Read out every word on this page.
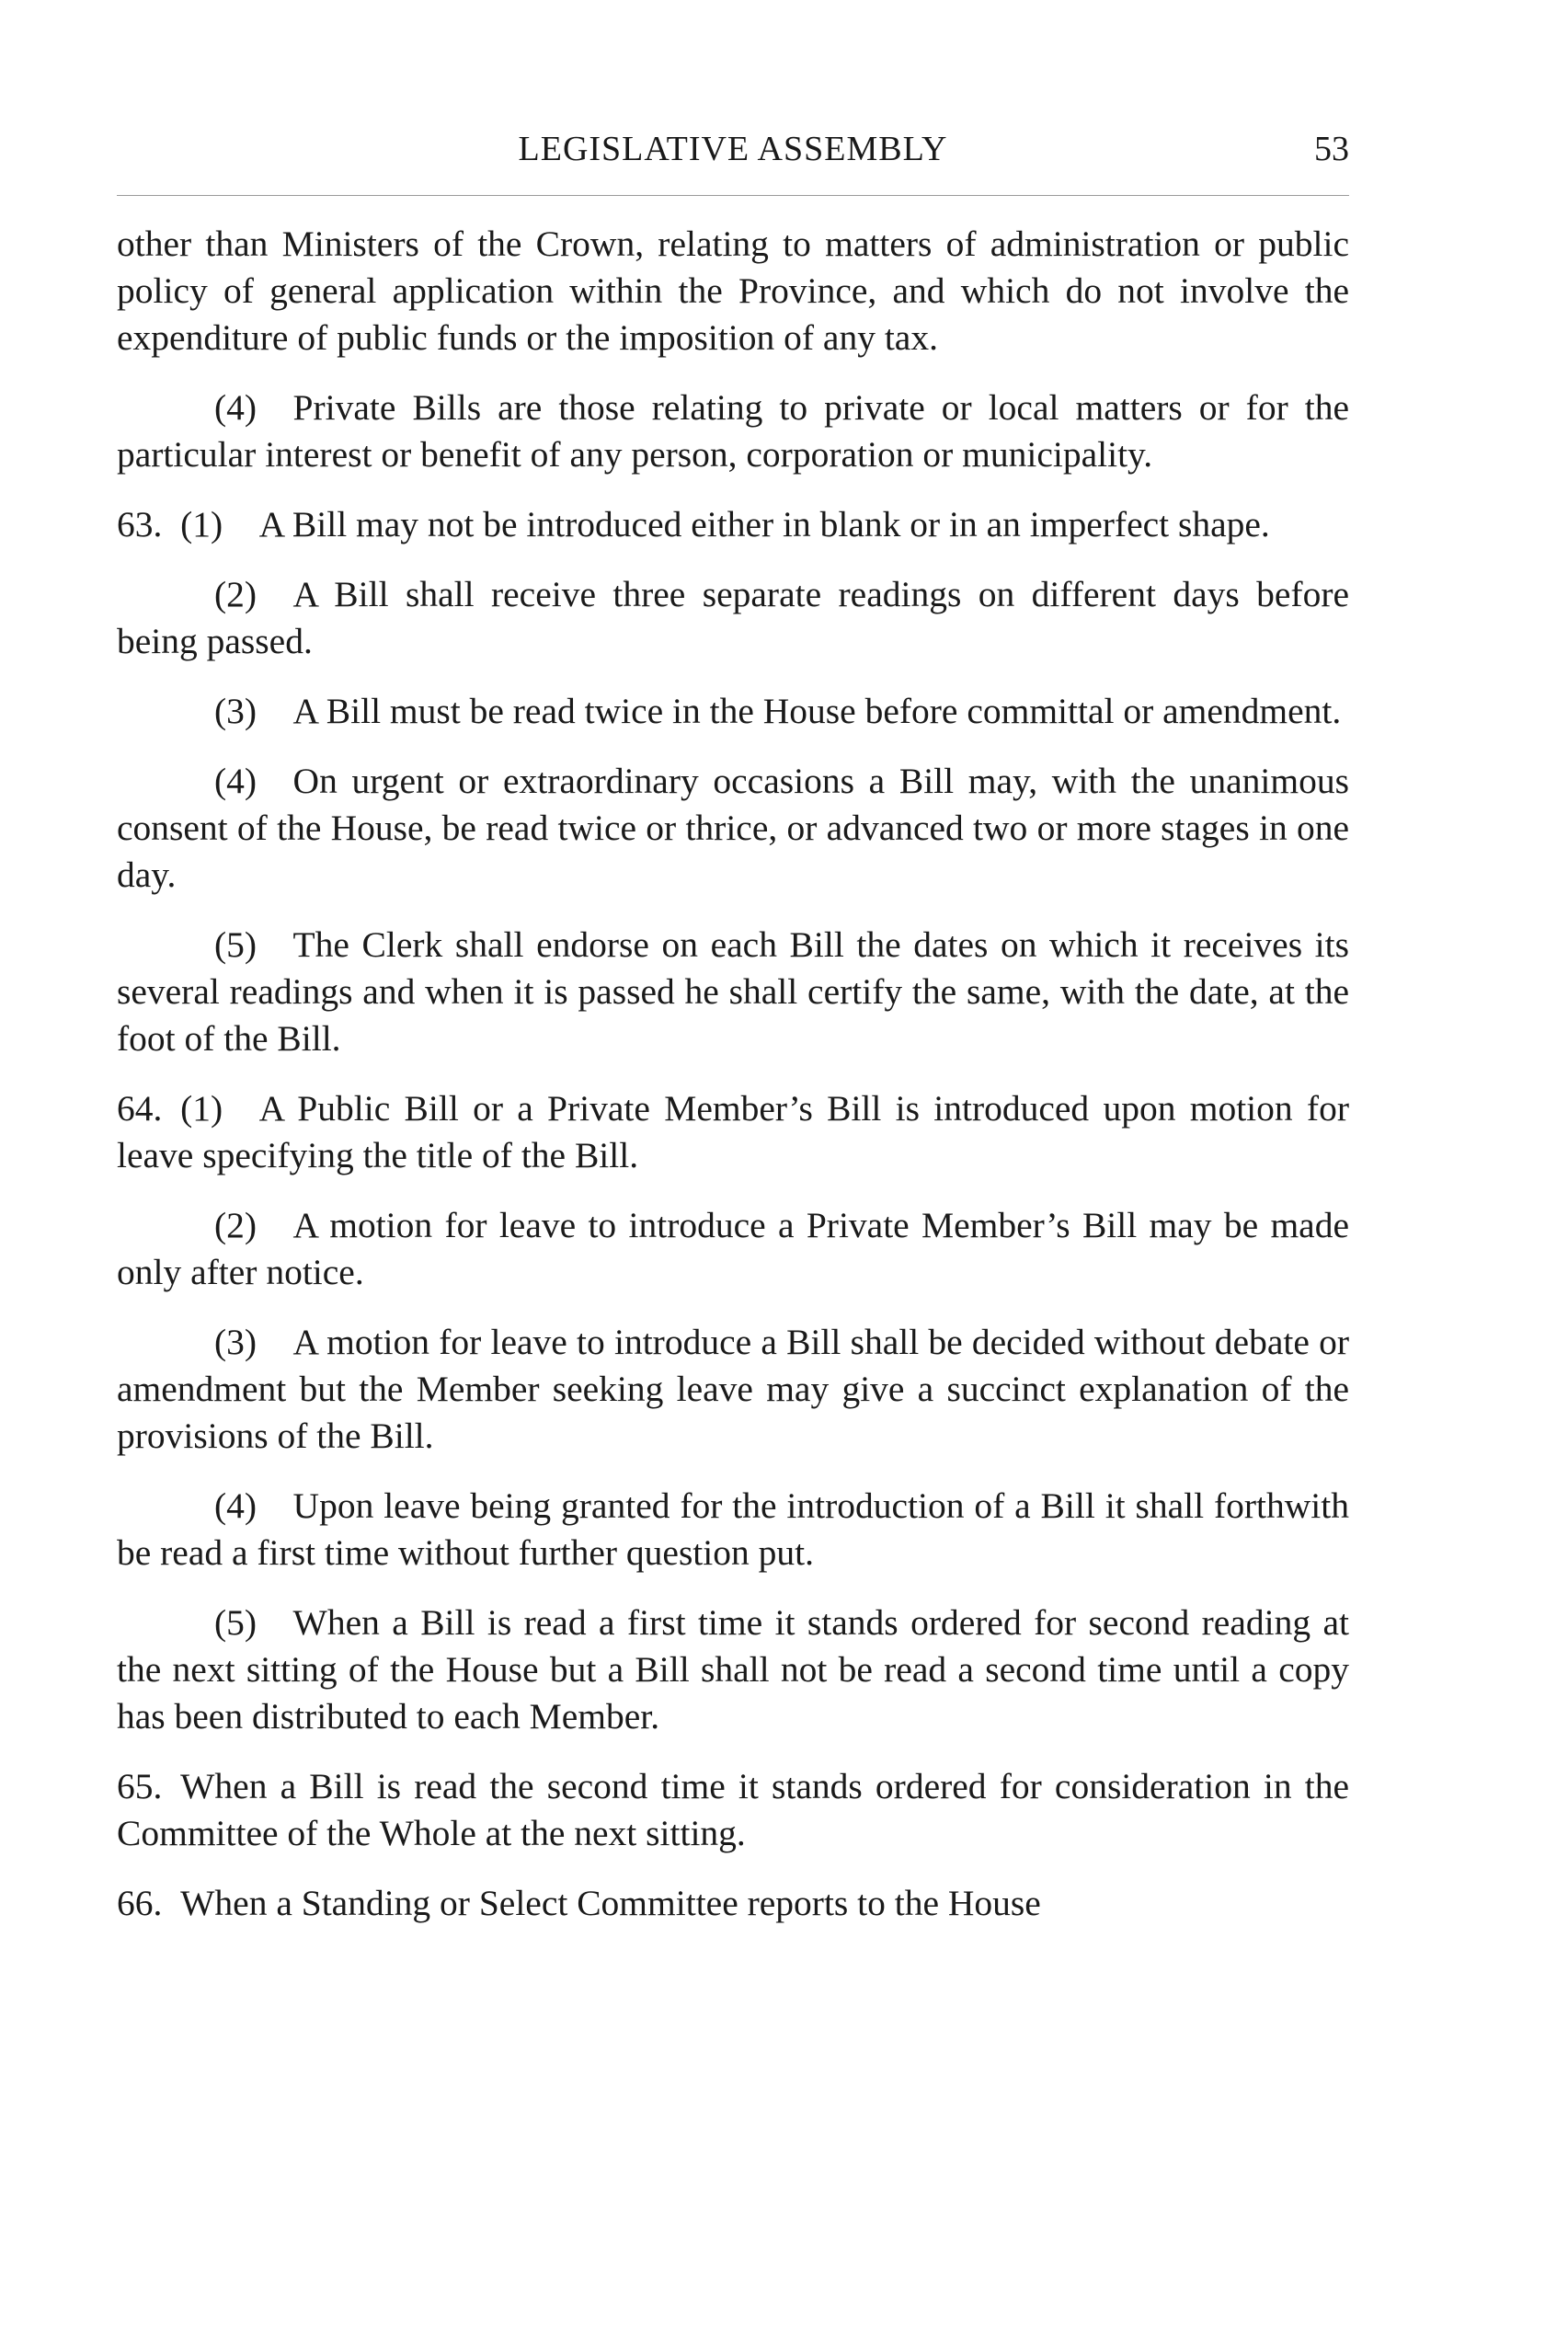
LEGISLATIVE ASSEMBLY	53

other than Ministers of the Crown, relating to matters of administration or public policy of general application within the Province, and which do not involve the expenditure of public funds or the imposition of any tax.

(4) Private Bills are those relating to private or local matters or for the particular interest or benefit of any person, corporation or municipality.

63. (1) A Bill may not be introduced either in blank or in an imperfect shape.

(2) A Bill shall receive three separate readings on different days before being passed.

(3) A Bill must be read twice in the House before committal or amendment.

(4) On urgent or extraordinary occasions a Bill may, with the unanimous consent of the House, be read twice or thrice, or advanced two or more stages in one day.

(5) The Clerk shall endorse on each Bill the dates on which it receives its several readings and when it is passed he shall certify the same, with the date, at the foot of the Bill.

64. (1) A Public Bill or a Private Member’s Bill is introduced upon motion for leave specifying the title of the Bill.

(2) A motion for leave to introduce a Private Member’s Bill may be made only after notice.

(3) A motion for leave to introduce a Bill shall be decided without debate or amendment but the Member seeking leave may give a succinct explanation of the provisions of the Bill.

(4) Upon leave being granted for the introduction of a Bill it shall forthwith be read a first time without further question put.

(5) When a Bill is read a first time it stands ordered for second reading at the next sitting of the House but a Bill shall not be read a second time until a copy has been distributed to each Member.

65. When a Bill is read the second time it stands ordered for consideration in the Committee of the Whole at the next sitting.

66. When a Standing or Select Committee reports to the House
